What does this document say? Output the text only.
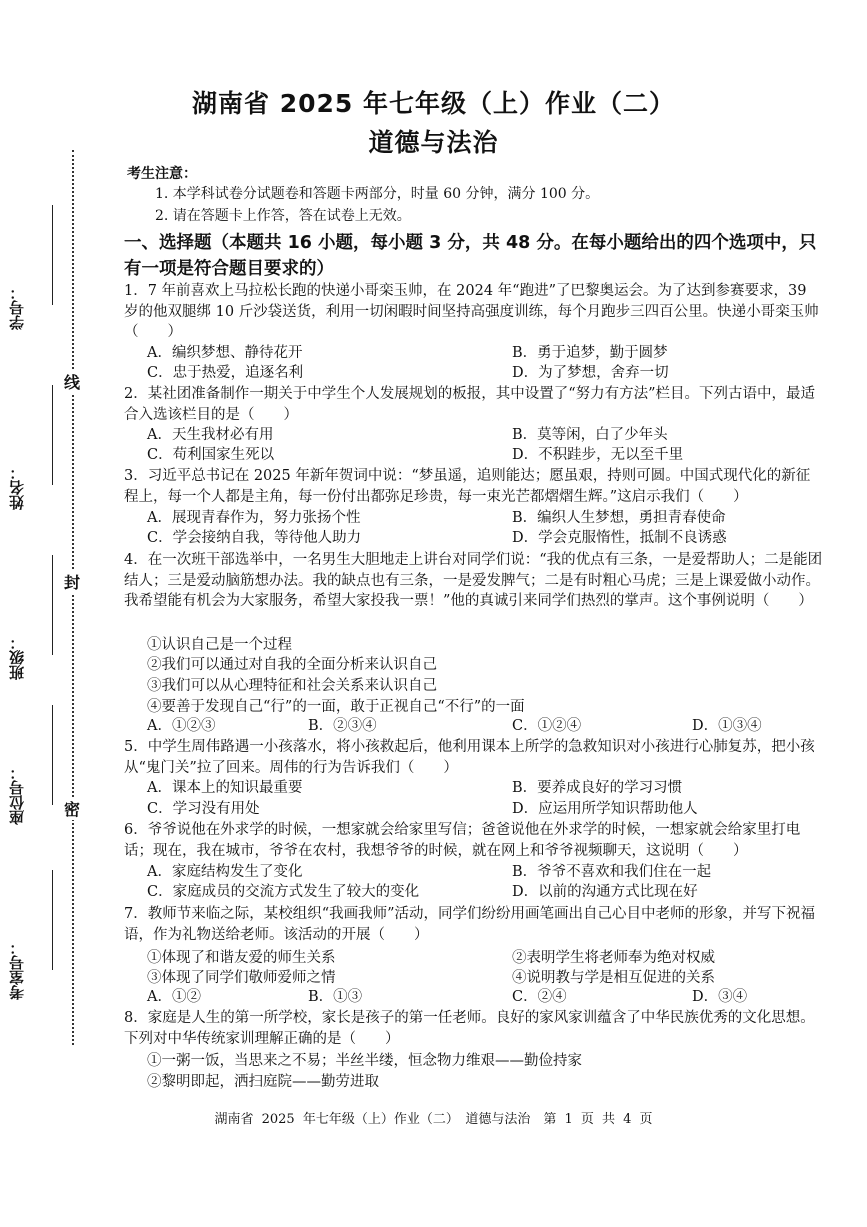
湖南省 2025 年七年级（上）作业（二）
道德与法治
线
封
密
学号：
姓名：
班级：
座位号：
考室号：
考生注意：
1. 本学科试卷分试题卷和答题卡两部分，时量 60 分钟，满分 100 分。
2. 请在答题卡上作答，答在试卷上无效。
一、选择题（本题共 16 小题，每小题 3 分，共 48 分。在每小题给出的四个选项中，只有一项是符合题目要求的）
1．7 年前喜欢上马拉松长跑的快递小哥栾玉帅，在 2024 年“跑进”了巴黎奥运会。为了达到参赛要求，39 岁的他双腿绑 10 斤沙袋送货，利用一切闲暇时间坚持高强度训练，每个月跑步三四百公里。快递小哥栾玉帅（　　）
A．编织梦想、静待花开	B．勇于追梦，勤于圆梦
C．忠于热爱，追逐名利	D．为了梦想，舍弃一切
2．某社团准备制作一期关于中学生个人发展规划的板报，其中设置了“努力有方法”栏目。下列古语中，最适合入选该栏目的是（　　）
A．天生我材必有用	B．莫等闲，白了少年头
C．苟利国家生死以	D．不积跬步，无以至千里
3．习近平总书记在 2025 年新年贺词中说：“梦虽遥，追则能达；愿虽艰，持则可圆。中国式现代化的新征程上，每一个人都是主角，每一份付出都弥足珍贵，每一束光芒都熠熠生辉。”这启示我们（　　）
A．展现青春作为，努力张扬个性	B．编织人生梦想，勇担青春使命
C．学会接纳自我，等待他人助力	D．学会克服惰性，抵制不良诱惑
4．在一次班干部选举中，一名男生大胆地走上讲台对同学们说：“我的优点有三条，一是爱帮助人；二是能团结人；三是爱动脑筋想办法。我的缺点也有三条，一是爱发脾气；二是有时粗心马虎；三是上课爱做小动作。我希望能有机会为大家服务，希望大家投我一票！”他的真诚引来同学们热烈的掌声。这个事例说明（　　）
①认识自己是一个过程
②我们可以通过对自我的全面分析来认识自己
③我们可以从心理特征和社会关系来认识自己
④要善于发现自己“行”的一面，敢于正视自己“不行”的一面
A．①②③	B．②③④	C．①②④	D．①③④
5．中学生周伟路遇一小孩落水，将小孩救起后，他利用课本上所学的急救知识对小孩进行心肺复苏，把小孩从“鬼门关”拉了回来。周伟的行为告诉我们（　　）
A．课本上的知识最重要	B．要养成良好的学习习惯
C．学习没有用处	D．应运用所学知识帮助他人
6．爷爷说他在外求学的时候，一想家就会给家里写信；爸爸说他在外求学的时候，一想家就会给家里打电话；现在，我在城市，爷爷在农村，我想爷爷的时候，就在网上和爷爷视频聊天，这说明（　　）
A．家庭结构发生了变化	B．爷爷不喜欢和我们住在一起
C．家庭成员的交流方式发生了较大的变化	D．以前的沟通方式比现在好
7．教师节来临之际，某校组织“我画我师”活动，同学们纷纷用画笔画出自己心目中老师的形象，并写下祝福语，作为礼物送给老师。该活动的开展（　　）
①体现了和谐友爱的师生关系	②表明学生将老师奉为绝对权威
③体现了同学们敬师爱师之情	④说明教与学是相互促进的关系
A．①②	B．①③	C．②④	D．③④
8．家庭是人生的第一所学校，家长是孩子的第一任老师。良好的家风家训蕴含了中华民族优秀的文化思想。下列对中华传统家训理解正确的是（　　）
①一粥一饭，当思来之不易；半丝半缕，恒念物力维艰——勤俭持家
②黎明即起，洒扫庭院——勤劳进取
湖南省 2025 年七年级（上）作业（二）　道德与法治　第 1 页 共 4 页
